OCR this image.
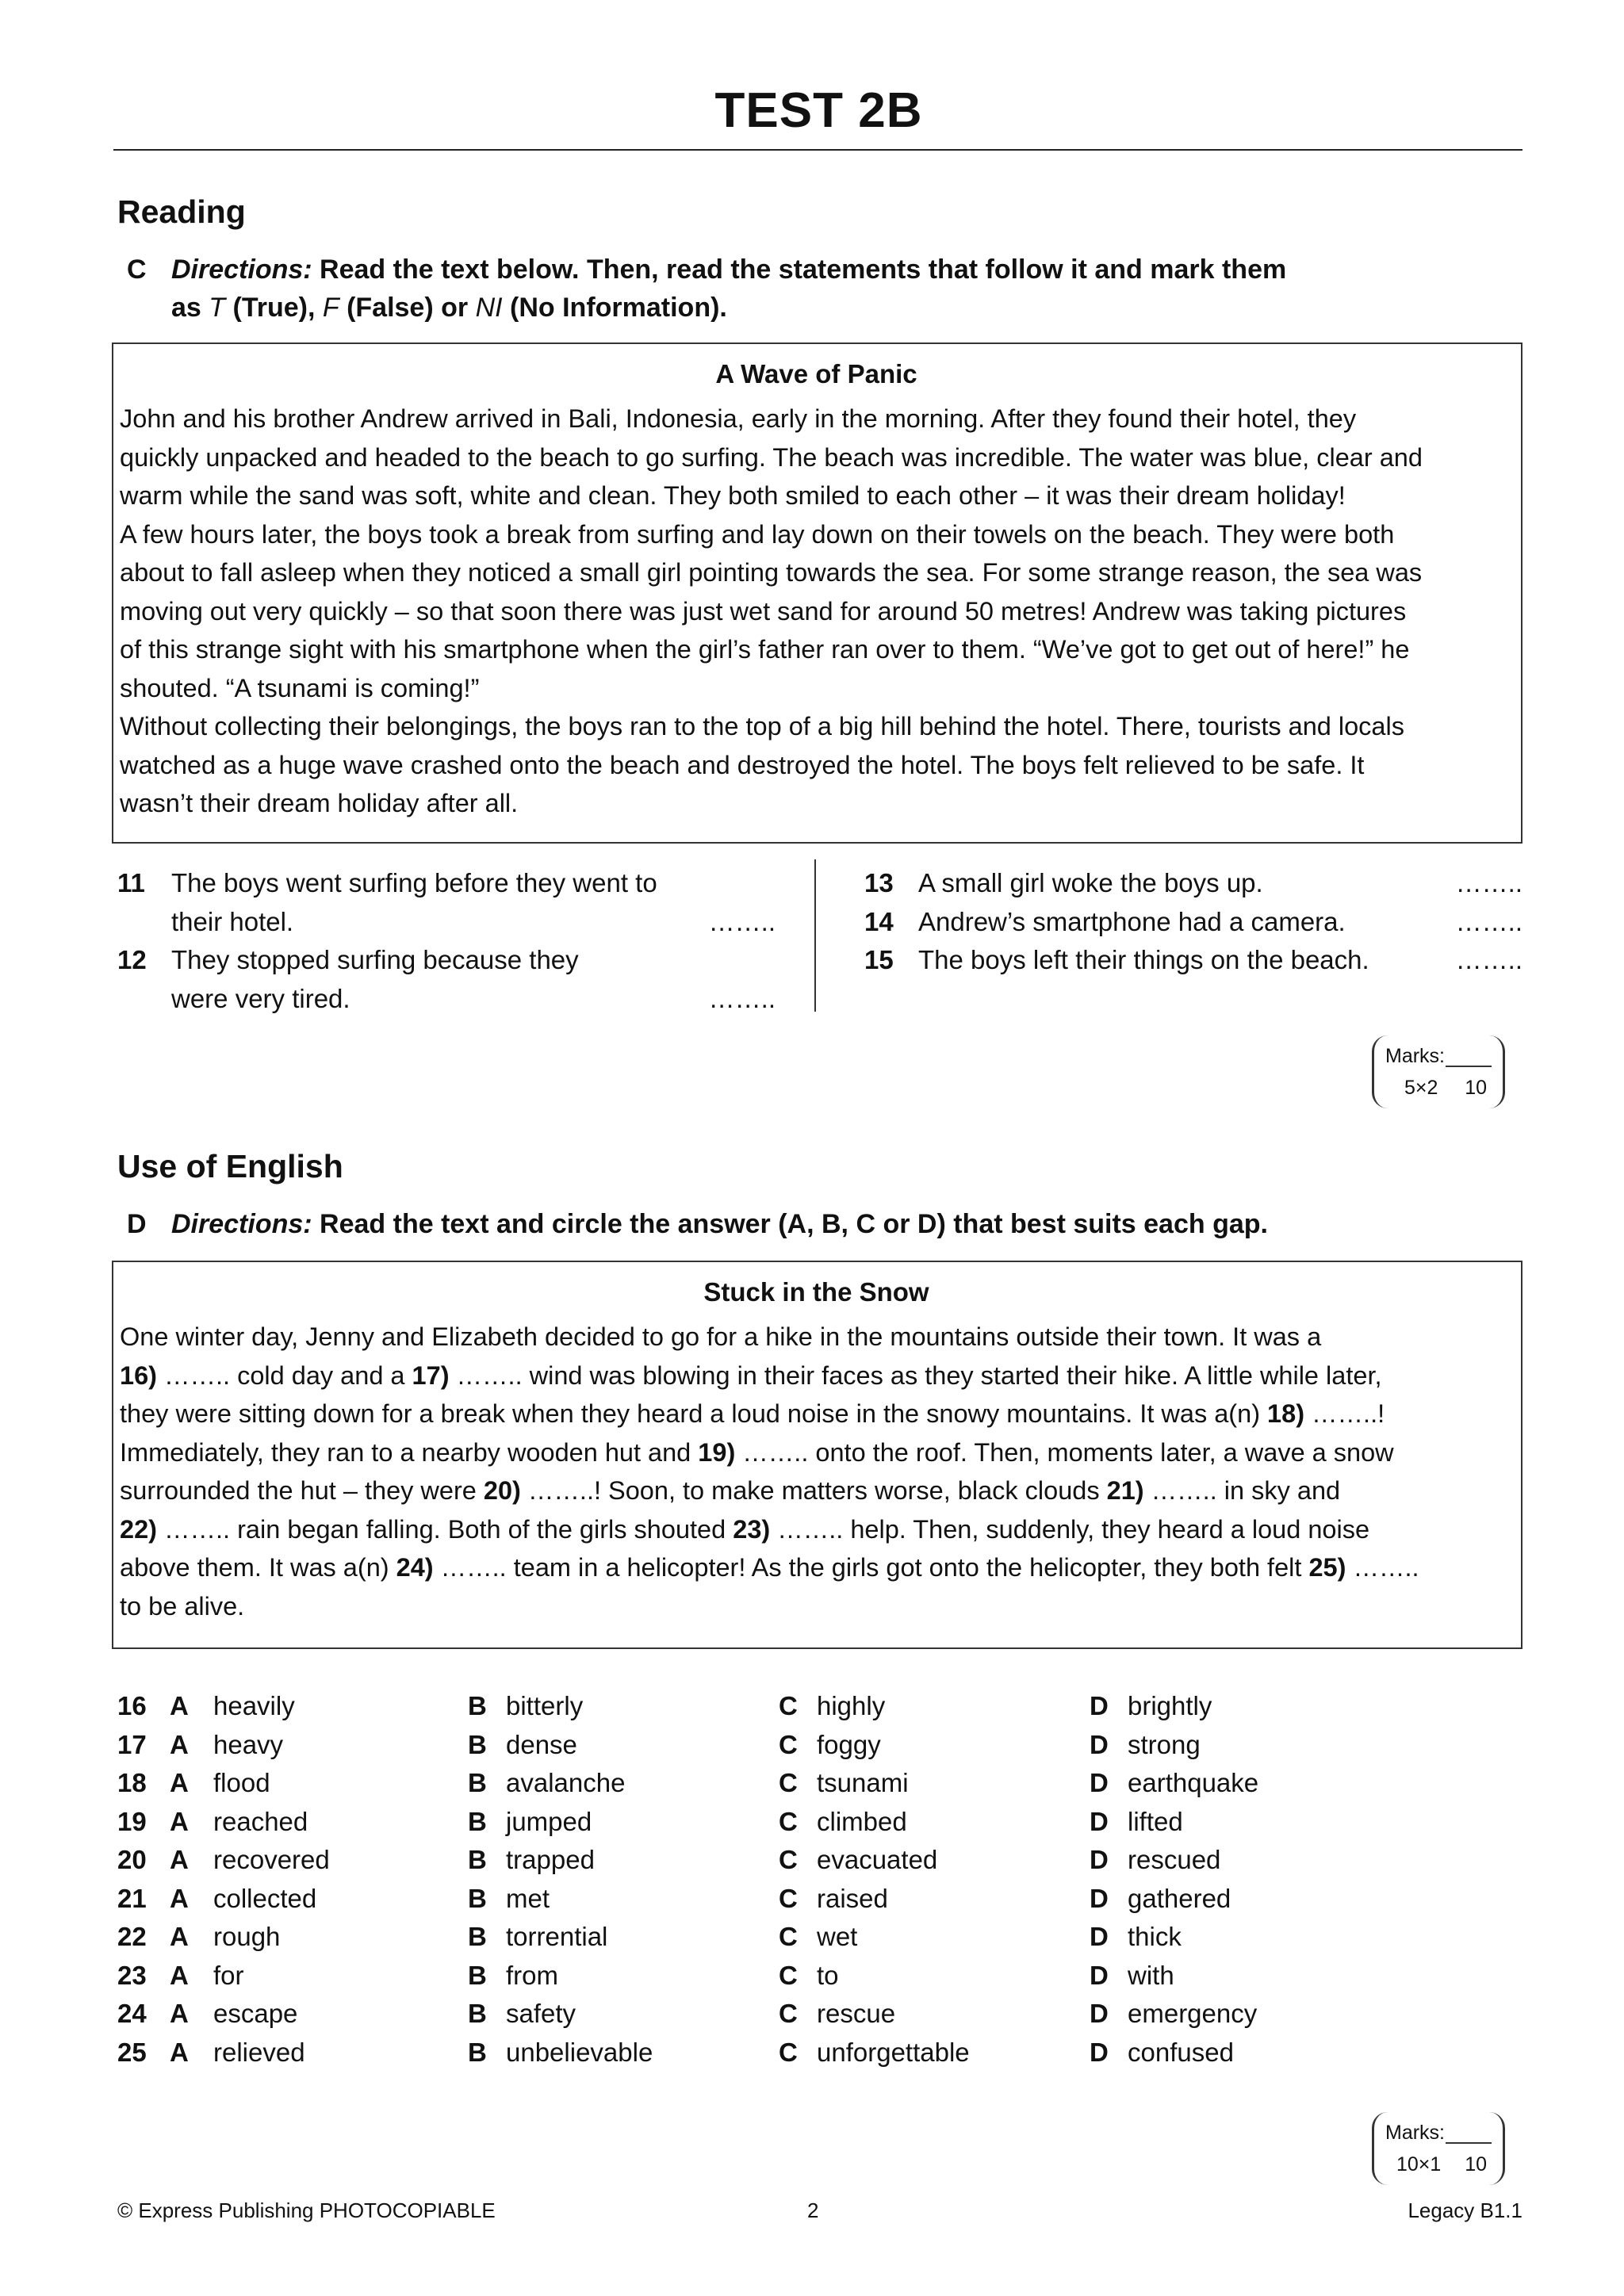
TEST 2B
Reading
C Directions: Read the text below. Then, read the statements that follow it and mark them
as T (True), F (False) or NI (No Information).
A Wave of Panic
John and his brother Andrew arrived in Bali, Indonesia, early in the morning. After they found their hotel, they
quickly unpacked and headed to the beach to go surfing. The beach was incredible. The water was blue, clear and
warm while the sand was soft, white and clean. They both smiled to each other – it was their dream holiday!
A few hours later, the boys took a break from surfing and lay down on their towels on the beach. They were both
about to fall asleep when they noticed a small girl pointing towards the sea. For some strange reason, the sea was
moving out very quickly – so that soon there was just wet sand for around 50 metres! Andrew was taking pictures
of this strange sight with his smartphone when the girl’s father ran over to them. “We’ve got to get out of here!” he
shouted. “A tsunami is coming!”
Without collecting their belongings, the boys ran to the top of a big hill behind the hotel. There, tourists and locals
watched as a huge wave crashed onto the beach and destroyed the hotel. The boys felt relieved to be safe. It
wasn’t their dream holiday after all.
11 The boys went surfing before they went to
their hotel.	……..
12 They stopped surfing because they
were very tired.	……..
13 A small girl woke the boys up.	……..
14 Andrew’s smartphone had a camera.	……..
15 The boys left their things on the beach.	……..
Marks:
5×2 10
Use of English
D Directions: Read the text and circle the answer (A, B, C or D) that best suits each gap.
Stuck in the Snow
One winter day, Jenny and Elizabeth decided to go for a hike in the mountains outside their town. It was a
16) …….. cold day and a 17) …….. wind was blowing in their faces as they started their hike. A little while later,
they were sitting down for a break when they heard a loud noise in the snowy mountains. It was a(n) 18) ……..!
Immediately, they ran to a nearby wooden hut and 19) …….. onto the roof. Then, moments later, a wave a snow
surrounded the hut – they were 20) ……..! Soon, to make matters worse, black clouds 21) …….. in sky and
22) …….. rain began falling. Both of the girls shouted 23) …….. help. Then, suddenly, they heard a loud noise
above them. It was a(n) 24) …….. team in a helicopter! As the girls got onto the helicopter, they both felt 25) ……..
to be alive.
16 A heavily	B bitterly	C highly	D brightly
17 A heavy	B dense	C foggy	D strong
18 A flood	B avalanche	C tsunami	D earthquake
19 A reached	B jumped	C climbed	D lifted
20 A recovered	B trapped	C evacuated	D rescued
21 A collected	B met	C raised	D gathered
22 A rough	B torrential	C wet	D thick
23 A for	B from	C to	D with
24 A escape	B safety	C rescue	D emergency
25 A relieved	B unbelievable	C unforgettable	D confused
Marks:
10×1 10
© Express Publishing PHOTOCOPIABLE	2	Legacy B1.1
